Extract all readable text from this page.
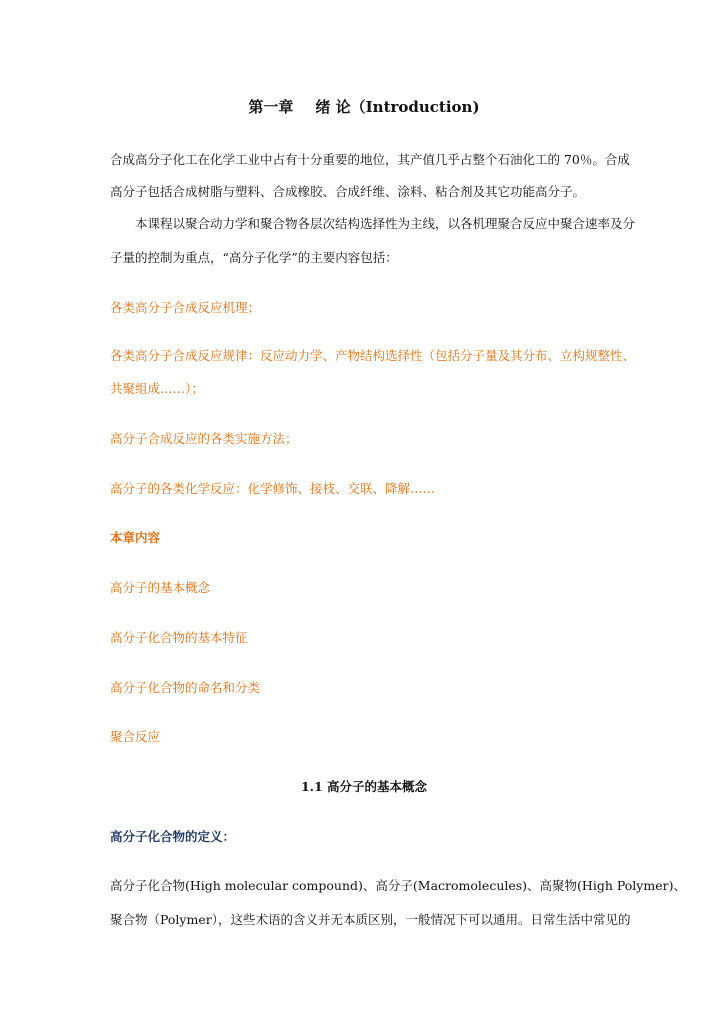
第一章 绪 论（Introduction)
合成高分子化工在化学工业中占有十分重要的地位，其产值几乎占整个石油化工的 70％。合成
高分子包括合成树脂与塑料、合成橡胶、合成纤维、涂料、粘合剂及其它功能高分子。
本课程以聚合动力学和聚合物各层次结构选择性为主线，以各机理聚合反应中聚合速率及分
子量的控制为重点，“高分子化学”的主要内容包括：
各类高分子合成反应机理；
各类高分子合成反应规律：反应动力学、产物结构选择性（包括分子量及其分布、立构规整性、
共聚组成……）；
高分子合成反应的各类实施方法；
高分子的各类化学反应：化学修饰、接枝、交联、降解……
本章内容
高分子的基本概念
高分子化合物的基本特征
高分子化合物的命名和分类
聚合反应
1.1 高分子的基本概念
高分子化合物的定义：
高分子化合物(High molecular compound)、高分子(Macromolecules)、高聚物(High Polymer)、
聚合物（Polymer），这些术语的含义并无本质区别，一般情况下可以通用。日常生活中常见的
